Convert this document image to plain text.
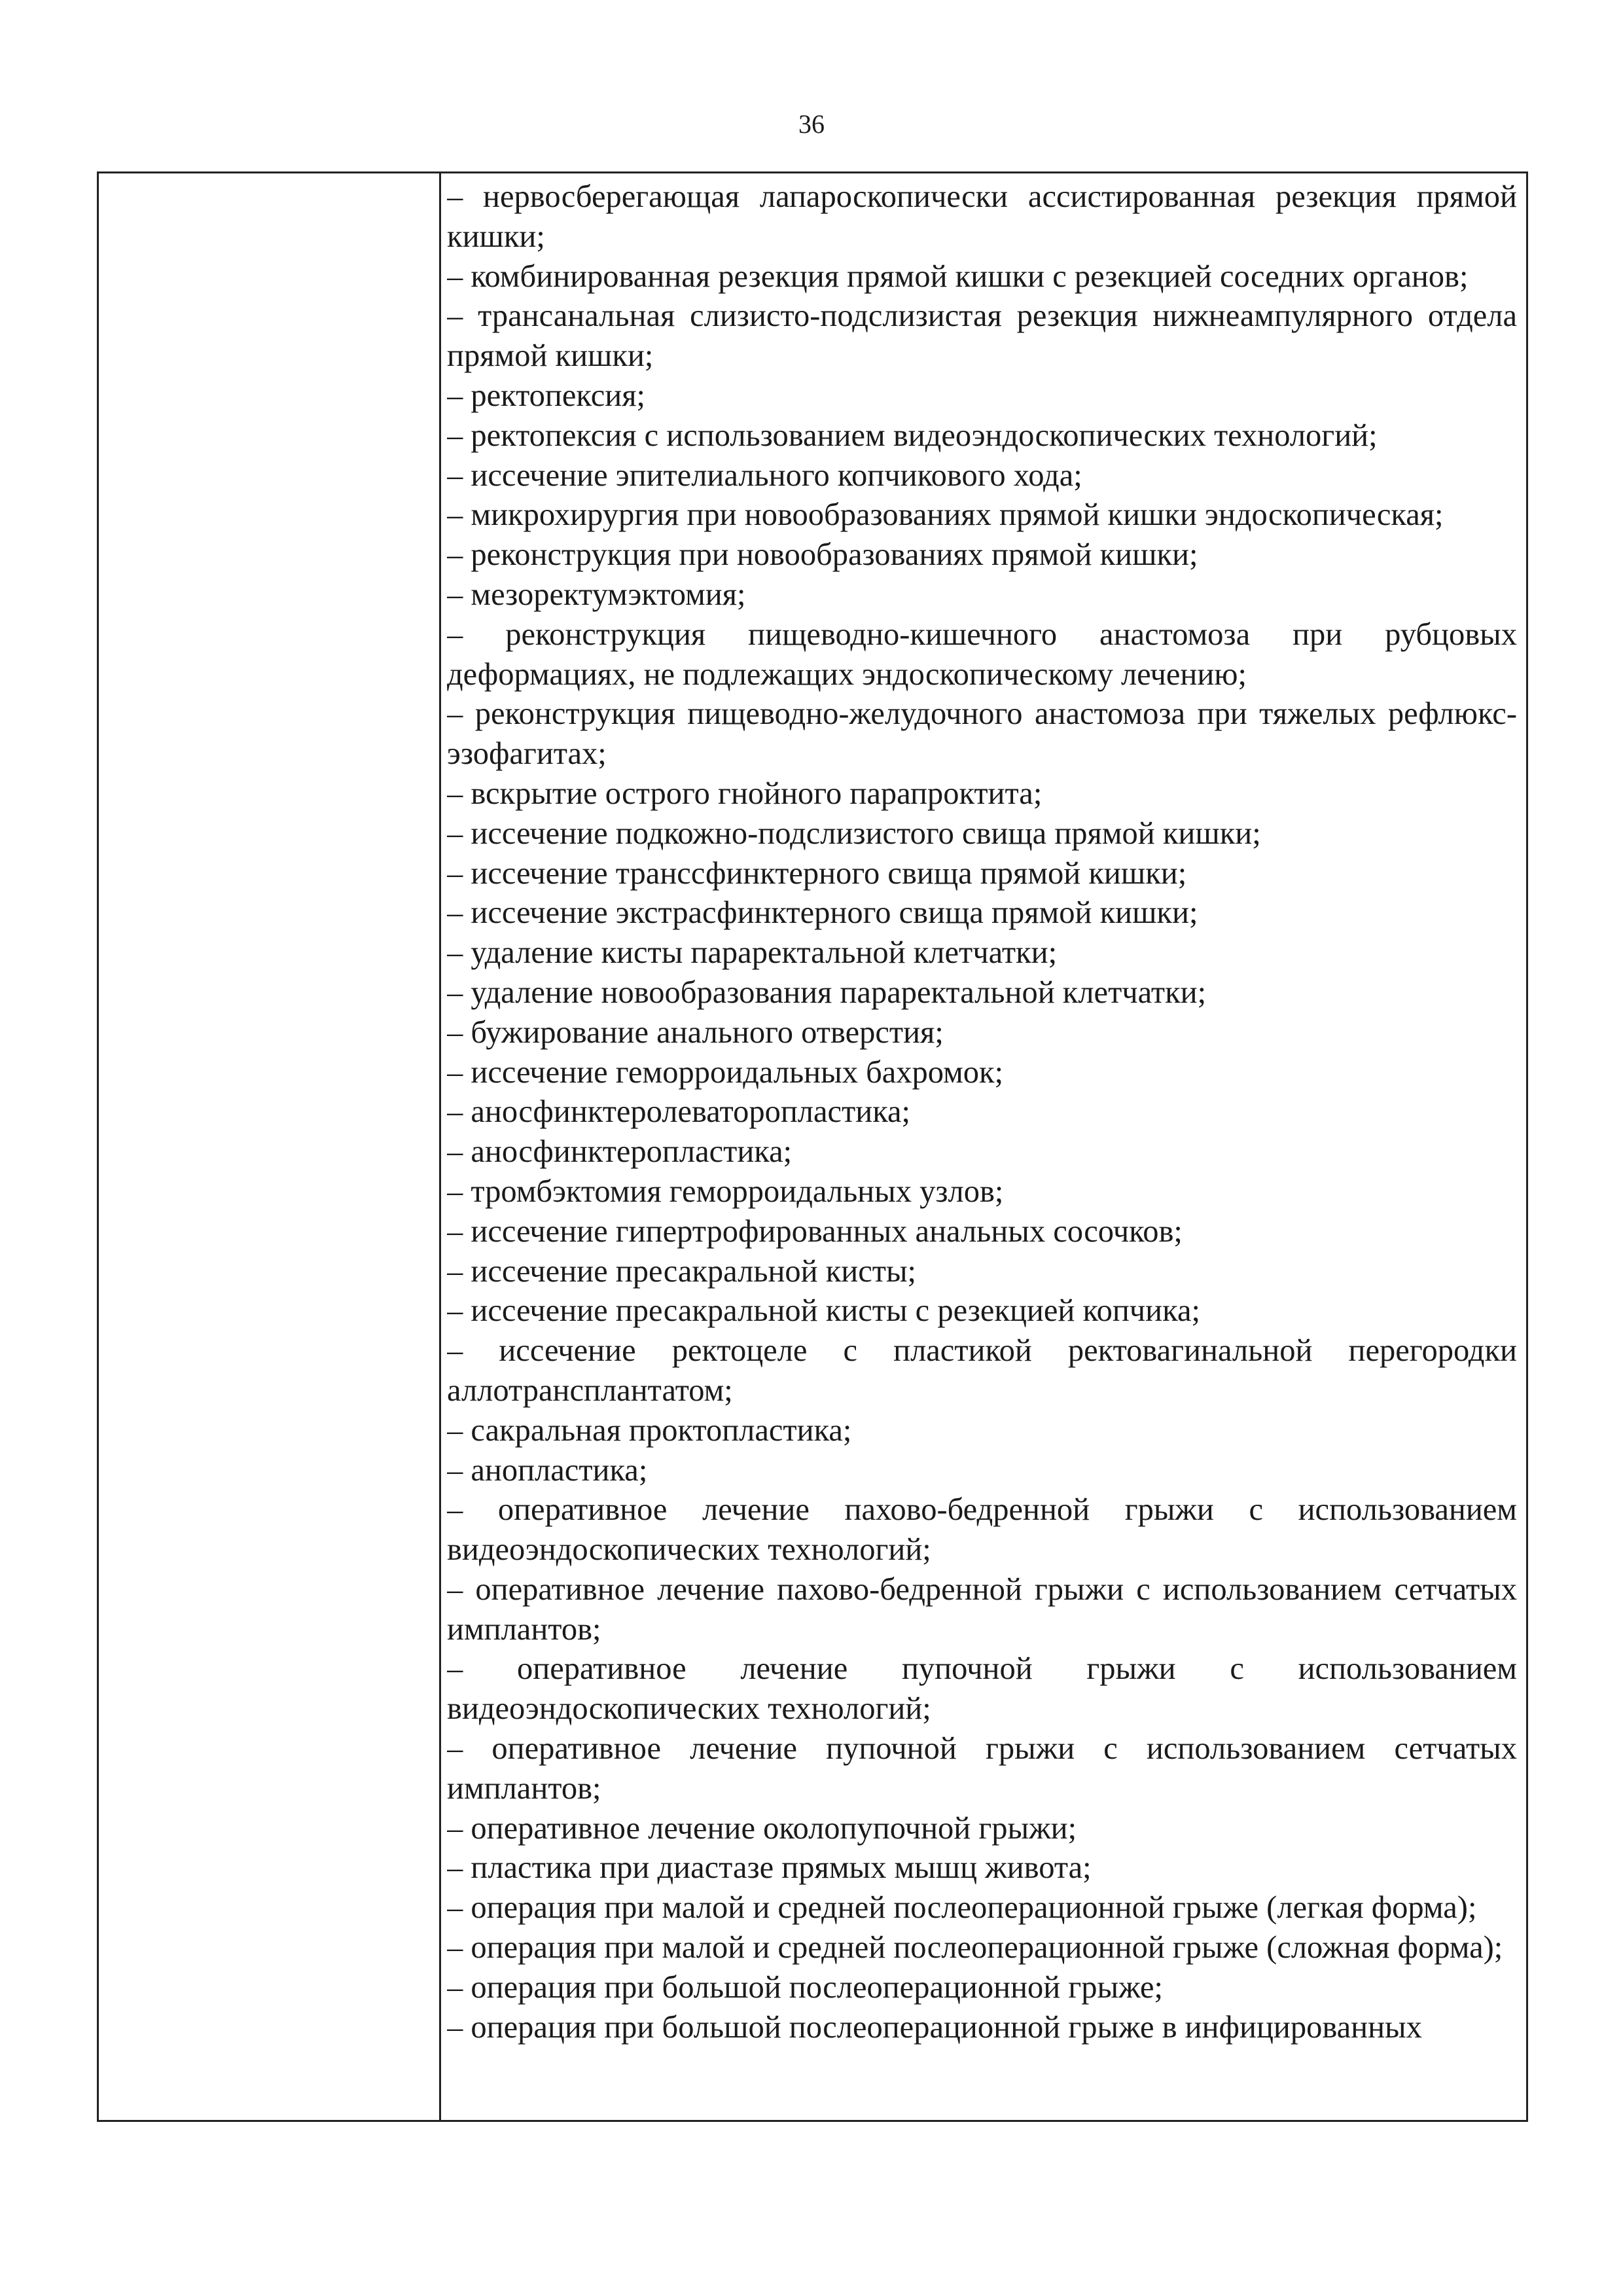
36

– нервосберегающая лапароскопически ассистированная резекция прямой кишки;

– комбинированная резекция прямой кишки с резекцией соседних органов;

– трансанальная слизисто-подслизистая резекция нижнеампулярного отдела прямой кишки;

– ректопексия;

– ректопексия с использованием видеоэндоскопических технологий;

– иссечение эпителиального копчикового хода;

– микрохирургия при новообразованиях прямой кишки эндоскопическая;

– реконструкция при новообразованиях прямой кишки;

– мезоректумэктомия;

– реконструкция пищеводно-кишечного анастомоза при рубцовых деформациях, не подлежащих эндоскопическому лечению;

– реконструкция пищеводно-желудочного анастомоза при тяжелых рефлюкс-эзофагитах;

– вскрытие острого гнойного парапроктита;

– иссечение подкожно-подслизистого свища прямой кишки;

– иссечение транссфинктерного свища прямой кишки;

– иссечение экстрасфинктерного свища прямой кишки;

– удаление кисты параректальной клетчатки;

– удаление новообразования параректальной клетчатки;

– бужирование анального отверстия;

– иссечение геморроидальных бахромок;

– аносфинктеролеваторопластика;

– аносфинктеропластика;

– тромбэктомия геморроидальных узлов;

– иссечение гипертрофированных анальных сосочков;

– иссечение пресакральной кисты;

– иссечение пресакральной кисты с резекцией копчика;

– иссечение ректоцеле с пластикой ректовагинальной перегородки аллотрансплантатом;

– сакральная проктопластика;

– анопластика;

– оперативное лечение пахово-бедренной грыжи с использованием видеоэндоскопических технологий;

– оперативное лечение пахово-бедренной грыжи с использованием сетчатых имплантов;

– оперативное лечение пупочной грыжи с использованием видеоэндоскопических технологий;

– оперативное лечение пупочной грыжи с использованием сетчатых имплантов;

– оперативное лечение околопупочной грыжи;

– пластика при диастазе прямых мышц живота;

– операция при малой и средней послеоперационной грыже (легкая форма);

– операция при малой и средней послеоперационной грыже (сложная форма);

– операция при большой послеоперационной грыже;

– операция при большой послеоперационной грыже в инфицированных
